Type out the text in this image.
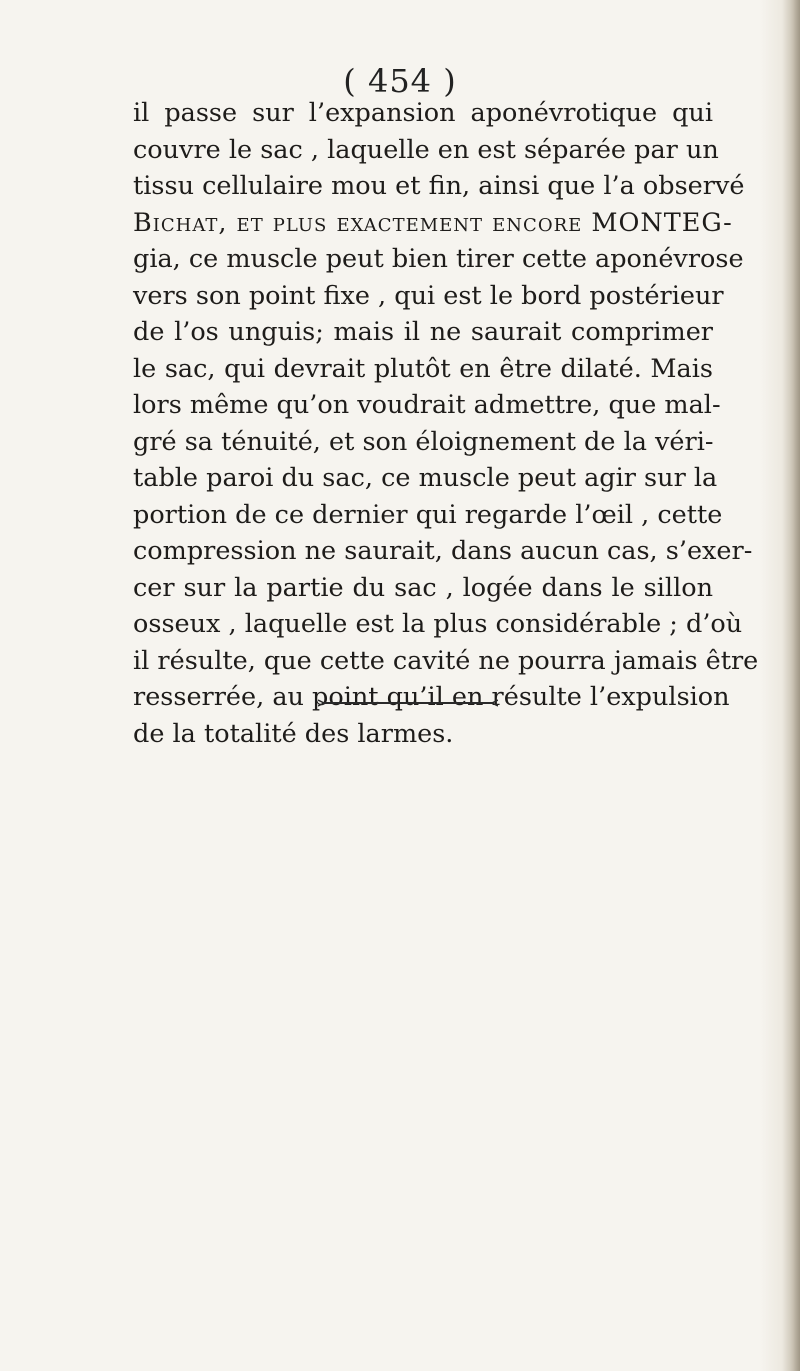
( 454 )
il passe sur l’expansion aponévrotique qui
couvre le sac , laquelle en est séparée par un
tissu cellulaire mou et fin, ainsi que l’a observé
Bichat, et plus exactement encore MONTEG-
gia, ce muscle peut bien tirer cette aponévrose
vers son point fixe , qui est le bord postérieur
de l’os unguis; mais il ne saurait comprimer
le sac, qui devrait plutôt en être dilaté. Mais
lors même qu’on voudrait admettre, que mal-
gré sa ténuité, et son éloignement de la véri-
table paroi du sac, ce muscle peut agir sur la
portion de ce dernier qui regarde l’œil , cette
compression ne saurait, dans aucun cas, s’exer-
cer sur la partie du sac , logée dans le sillon
osseux , laquelle est la plus considérable ; d’où
il résulte, que cette cavité ne pourra jamais être
resserrée, au point qu’il en résulte l’expulsion
de la totalité des larmes.
